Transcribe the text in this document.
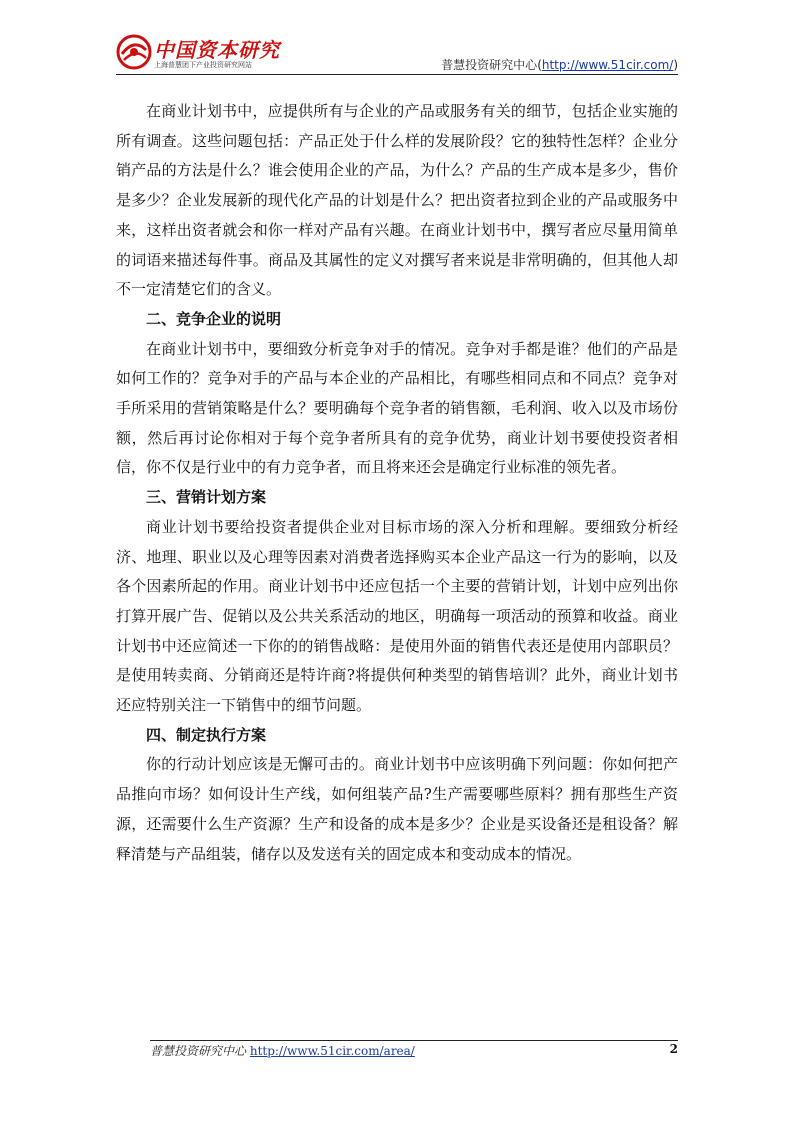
中国资本研究
上海普慧团下产业投资研究网站	普慧投资研究中心(http://www.51cir.com/)

在商业计划书中，应提供所有与企业的产品或服务有关的细节，包括企业实施的所有调查。这些问题包括：产品正处于什么样的发展阶段？它的独特性怎样？企业分销产品的方法是什么？谁会使用企业的产品，为什么？产品的生产成本是多少，售价是多少？企业发展新的现代化产品的计划是什么？把出资者拉到企业的产品或服务中来，这样出资者就会和你一样对产品有兴趣。在商业计划书中，撰写者应尽量用简单的词语来描述每件事。商品及其属性的定义对撰写者来说是非常明确的，但其他人却不一定清楚它们的含义。

二、竞争企业的说明

在商业计划书中，要细致分析竞争对手的情况。竞争对手都是谁？他们的产品是如何工作的？竞争对手的产品与本企业的产品相比，有哪些相同点和不同点？竞争对手所采用的营销策略是什么？要明确每个竞争者的销售额，毛利润、收入以及市场份额，然后再讨论你相对于每个竞争者所具有的竞争优势，商业计划书要使投资者相信，你不仅是行业中的有力竞争者，而且将来还会是确定行业标准的领先者。

三、营销计划方案

商业计划书要给投资者提供企业对目标市场的深入分析和理解。要细致分析经济、地理、职业以及心理等因素对消费者选择购买本企业产品这一行为的影响，以及各个因素所起的作用。商业计划书中还应包括一个主要的营销计划，计划中应列出你打算开展广告、促销以及公共关系活动的地区，明确每一项活动的预算和收益。商业计划书中还应简述一下你的的销售战略：是使用外面的销售代表还是使用内部职员？是使用转卖商、分销商还是特许商?将提供何种类型的销售培训？此外，商业计划书还应特别关注一下销售中的细节问题。

四、制定执行方案

你的行动计划应该是无懈可击的。商业计划书中应该明确下列问题：你如何把产品推向市场？如何设计生产线，如何组装产品?生产需要哪些原料？拥有那些生产资源，还需要什么生产资源？生产和设备的成本是多少？企业是买设备还是租设备？解释清楚与产品组装，储存以及发送有关的固定成本和变动成本的情况。

普慧投资研究中心 http://www.51cir.com/area/	2
